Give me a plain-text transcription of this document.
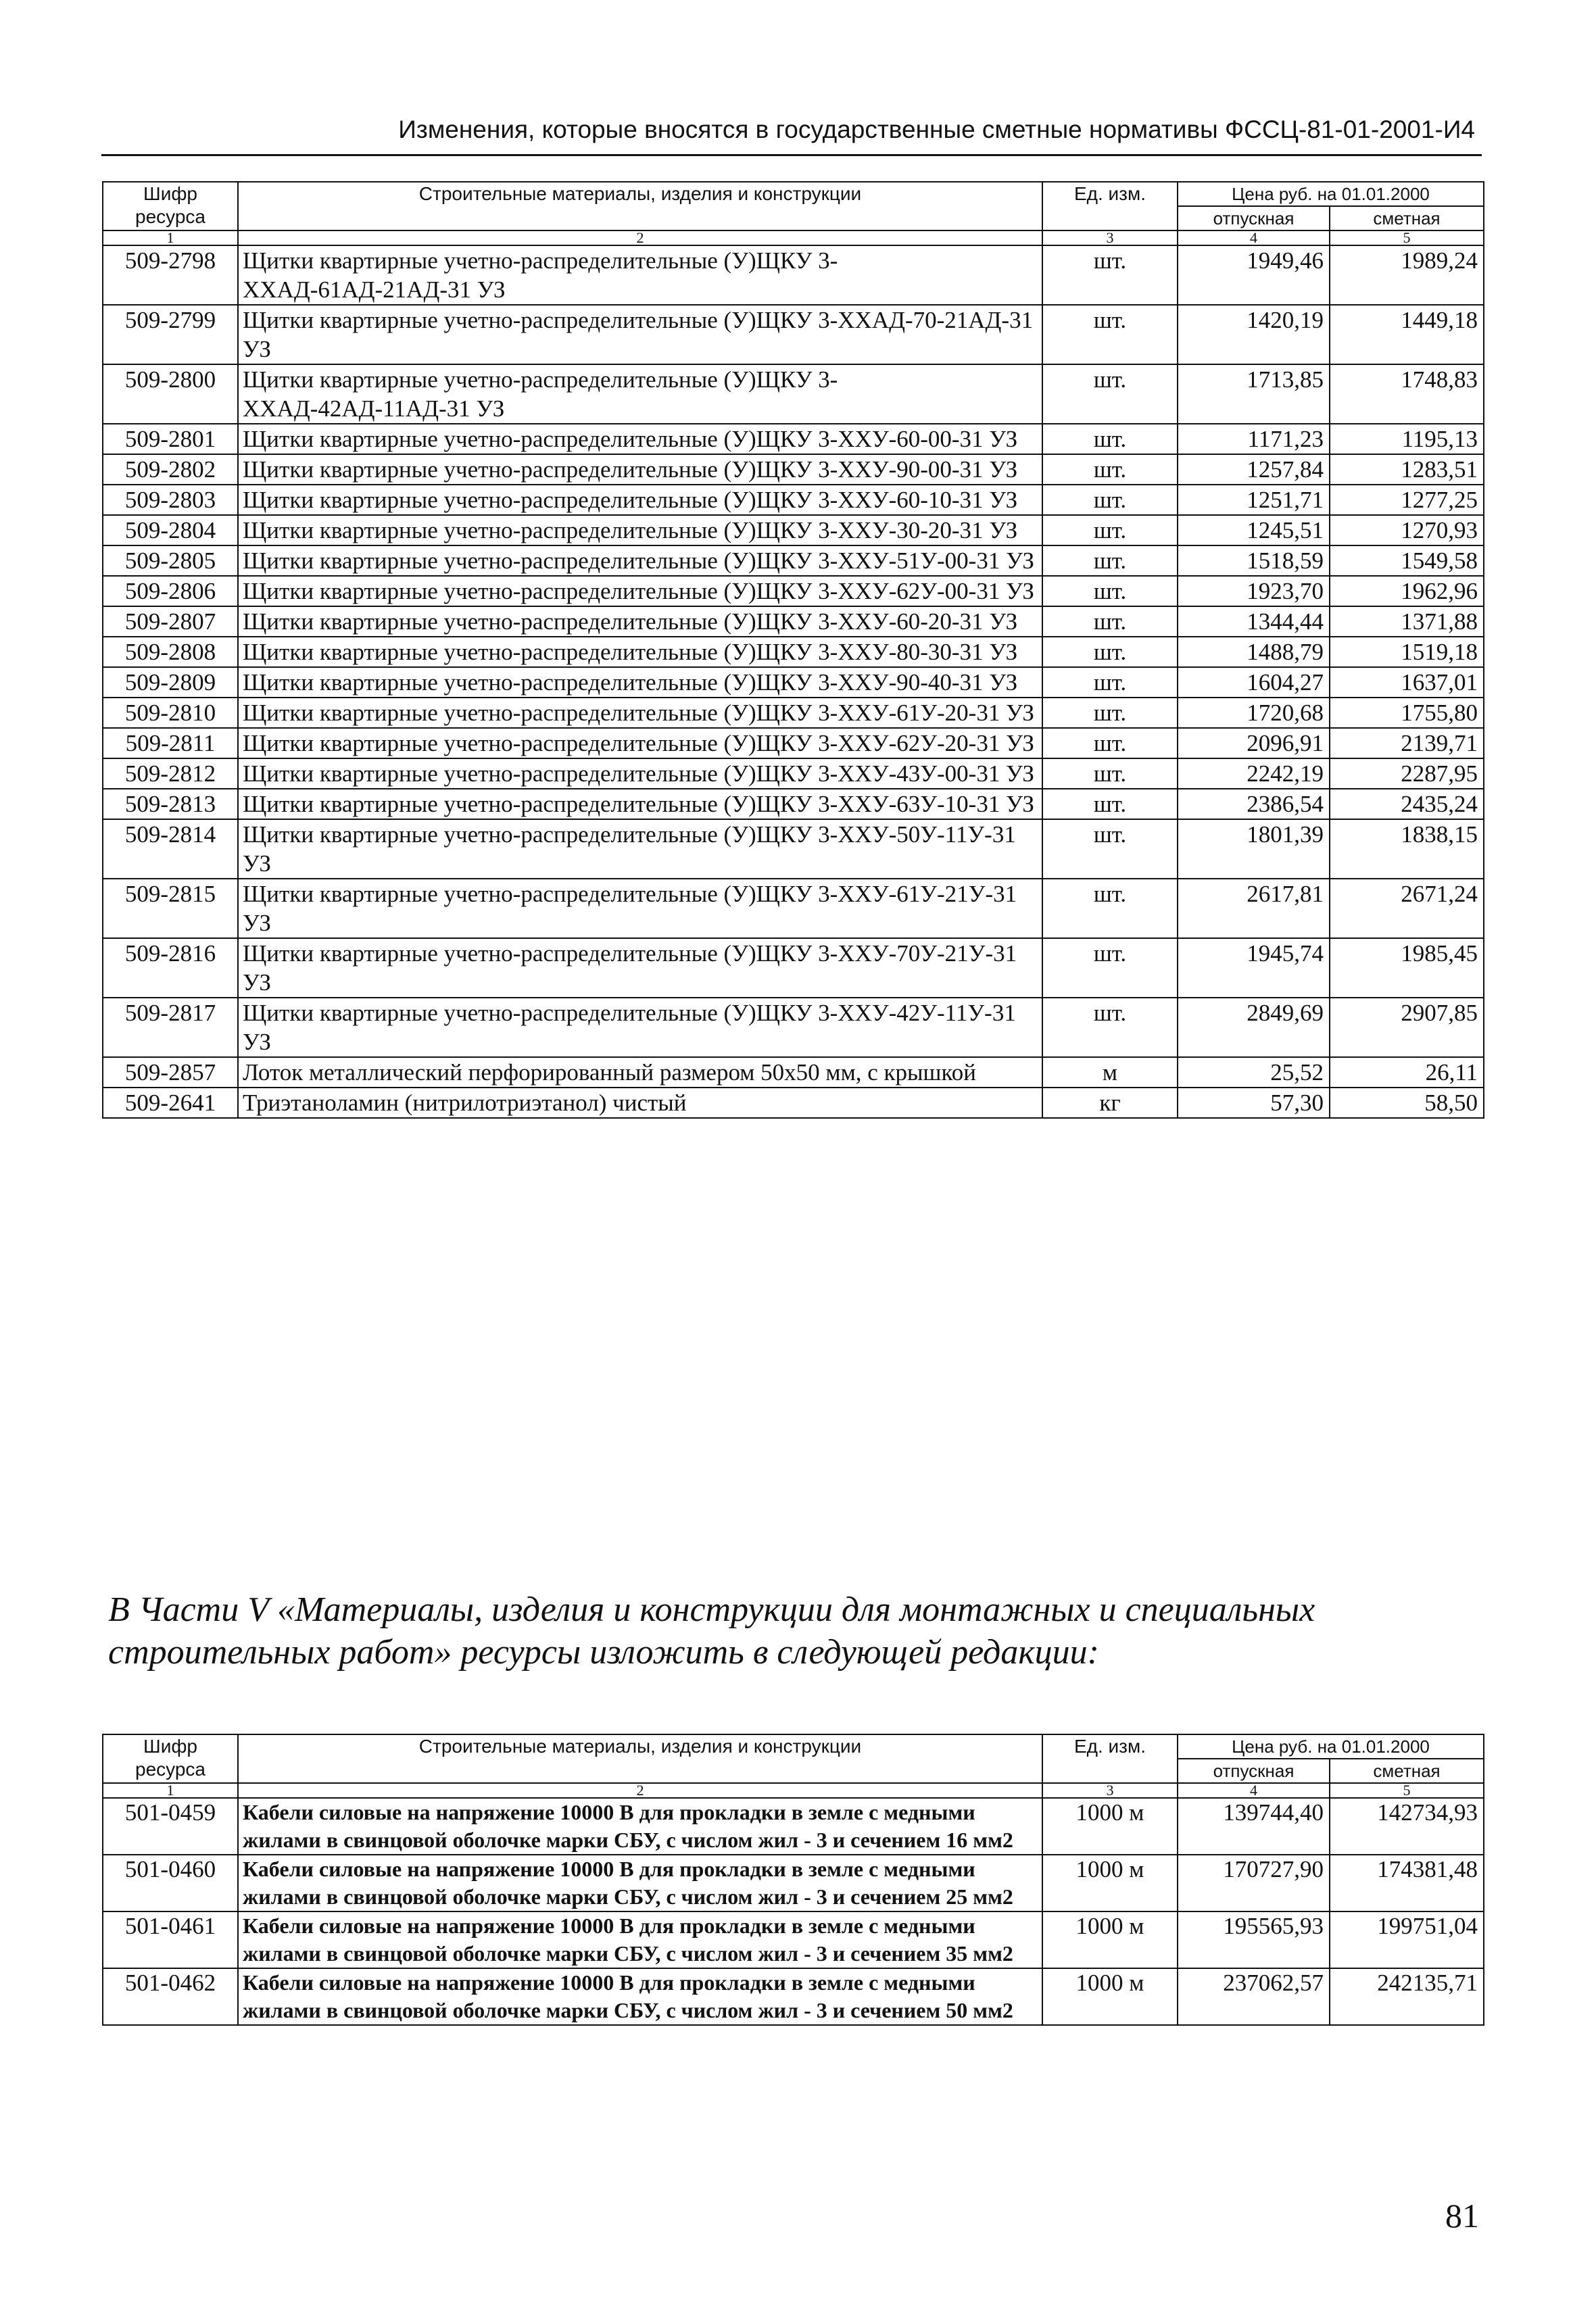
Изменения, которые вносятся в государственные сметные нормативы ФССЦ-81-01-2001-И4
Шифр ресурса	Строительные материалы, изделия и конструкции	Ед. изм.	Цена руб. на 01.01.2000	
			отпускная	сметная
1	2	3	4	5
509-2798	Щитки квартирные учетно-распределительные (У)ЩКУ 3-ХХАД-61АД-21АД-31 УЗ	шт.	1949,46	1989,24
509-2799	Щитки квартирные учетно-распределительные (У)ЩКУ 3-ХХАД-70-21АД-31 УЗ	шт.	1420,19	1449,18
509-2800	Щитки квартирные учетно-распределительные (У)ЩКУ 3-ХХАД-42АД-11АД-31 УЗ	шт.	1713,85	1748,83
509-2801	Щитки квартирные учетно-распределительные (У)ЩКУ 3-ХХУ-60-00-31 УЗ	шт.	1171,23	1195,13
509-2802	Щитки квартирные учетно-распределительные (У)ЩКУ 3-ХХУ-90-00-31 УЗ	шт.	1257,84	1283,51
509-2803	Щитки квартирные учетно-распределительные (У)ЩКУ 3-ХХУ-60-10-31 УЗ	шт.	1251,71	1277,25
509-2804	Щитки квартирные учетно-распределительные (У)ЩКУ 3-ХХУ-30-20-31 УЗ	шт.	1245,51	1270,93
509-2805	Щитки квартирные учетно-распределительные (У)ЩКУ 3-ХХУ-51У-00-31 УЗ	шт.	1518,59	1549,58
509-2806	Щитки квартирные учетно-распределительные (У)ЩКУ 3-ХХУ-62У-00-31 УЗ	шт.	1923,70	1962,96
509-2807	Щитки квартирные учетно-распределительные (У)ЩКУ 3-ХХУ-60-20-31 УЗ	шт.	1344,44	1371,88
509-2808	Щитки квартирные учетно-распределительные (У)ЩКУ 3-ХХУ-80-30-31 УЗ	шт.	1488,79	1519,18
509-2809	Щитки квартирные учетно-распределительные (У)ЩКУ 3-ХХУ-90-40-31 УЗ	шт.	1604,27	1637,01
509-2810	Щитки квартирные учетно-распределительные (У)ЩКУ 3-ХХУ-61У-20-31 УЗ	шт.	1720,68	1755,80
509-2811	Щитки квартирные учетно-распределительные (У)ЩКУ 3-ХХУ-62У-20-31 УЗ	шт.	2096,91	2139,71
509-2812	Щитки квартирные учетно-распределительные (У)ЩКУ 3-ХХУ-43У-00-31 УЗ	шт.	2242,19	2287,95
509-2813	Щитки квартирные учетно-распределительные (У)ЩКУ 3-ХХУ-63У-10-31 УЗ	шт.	2386,54	2435,24
509-2814	Щитки квартирные учетно-распределительные (У)ЩКУ 3-ХХУ-50У-11У-31 УЗ	шт.	1801,39	1838,15
509-2815	Щитки квартирные учетно-распределительные (У)ЩКУ 3-ХХУ-61У-21У-31 УЗ	шт.	2617,81	2671,24
509-2816	Щитки квартирные учетно-распределительные (У)ЩКУ 3-ХХУ-70У-21У-31 УЗ	шт.	1945,74	1985,45
509-2817	Щитки квартирные учетно-распределительные (У)ЩКУ 3-ХХУ-42У-11У-31 УЗ	шт.	2849,69	2907,85
509-2857	Лоток металлический перфорированный размером 50х50 мм, с крышкой	м	25,52	26,11
509-2641	Триэтаноламин (нитрилотриэтанол) чистый	кг	57,30	58,50
В Части V «Материалы, изделия и конструкции для монтажных и специальных строительных работ» ресурсы изложить в следующей редакции:
Шифр ресурса	Строительные материалы, изделия и конструкции	Ед. изм.	Цена руб. на 01.01.2000	
			отпускная	сметная
1	2	3	4	5
501-0459	Кабели силовые на напряжение 10000 В для прокладки в земле с медными жилами в свинцовой оболочке марки СБУ, с числом жил - 3 и сечением 16 мм2	1000 м	139744,40	142734,93
501-0460	Кабели силовые на напряжение 10000 В для прокладки в земле с медными жилами в свинцовой оболочке марки СБУ, с числом жил - 3 и сечением 25 мм2	1000 м	170727,90	174381,48
501-0461	Кабели силовые на напряжение 10000 В для прокладки в земле с медными жилами в свинцовой оболочке марки СБУ, с числом жил - 3 и сечением 35 мм2	1000 м	195565,93	199751,04
501-0462	Кабели силовые на напряжение 10000 В для прокладки в земле с медными жилами в свинцовой оболочке марки СБУ, с числом жил - 3 и сечением 50 мм2	1000 м	237062,57	242135,71
81
